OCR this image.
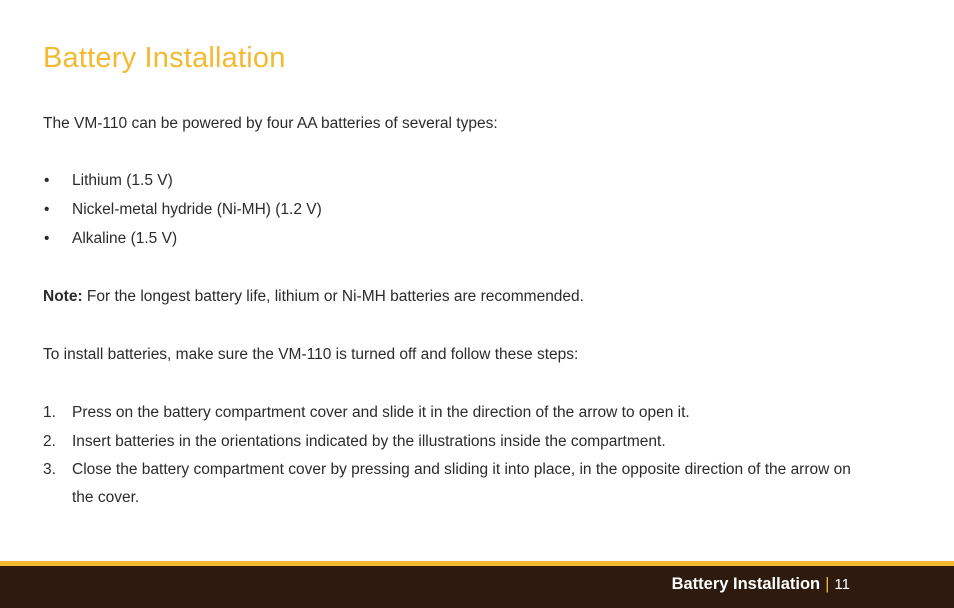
Battery Installation

The VM-110 can be powered by four AA batteries of several types:

• Lithium (1.5 V)
• Nickel-metal hydride (Ni-MH) (1.2 V)
• Alkaline (1.5 V)

Note: For the longest battery life, lithium or Ni-MH batteries are recommended.

To install batteries, make sure the VM-110 is turned off and follow these steps:

1. Press on the battery compartment cover and slide it in the direction of the arrow to open it.
2. Insert batteries in the orientations indicated by the illustrations inside the compartment.
3. Close the battery compartment cover by pressing and sliding it into place, in the opposite direction of the arrow on the cover.
Battery Installation | 11
